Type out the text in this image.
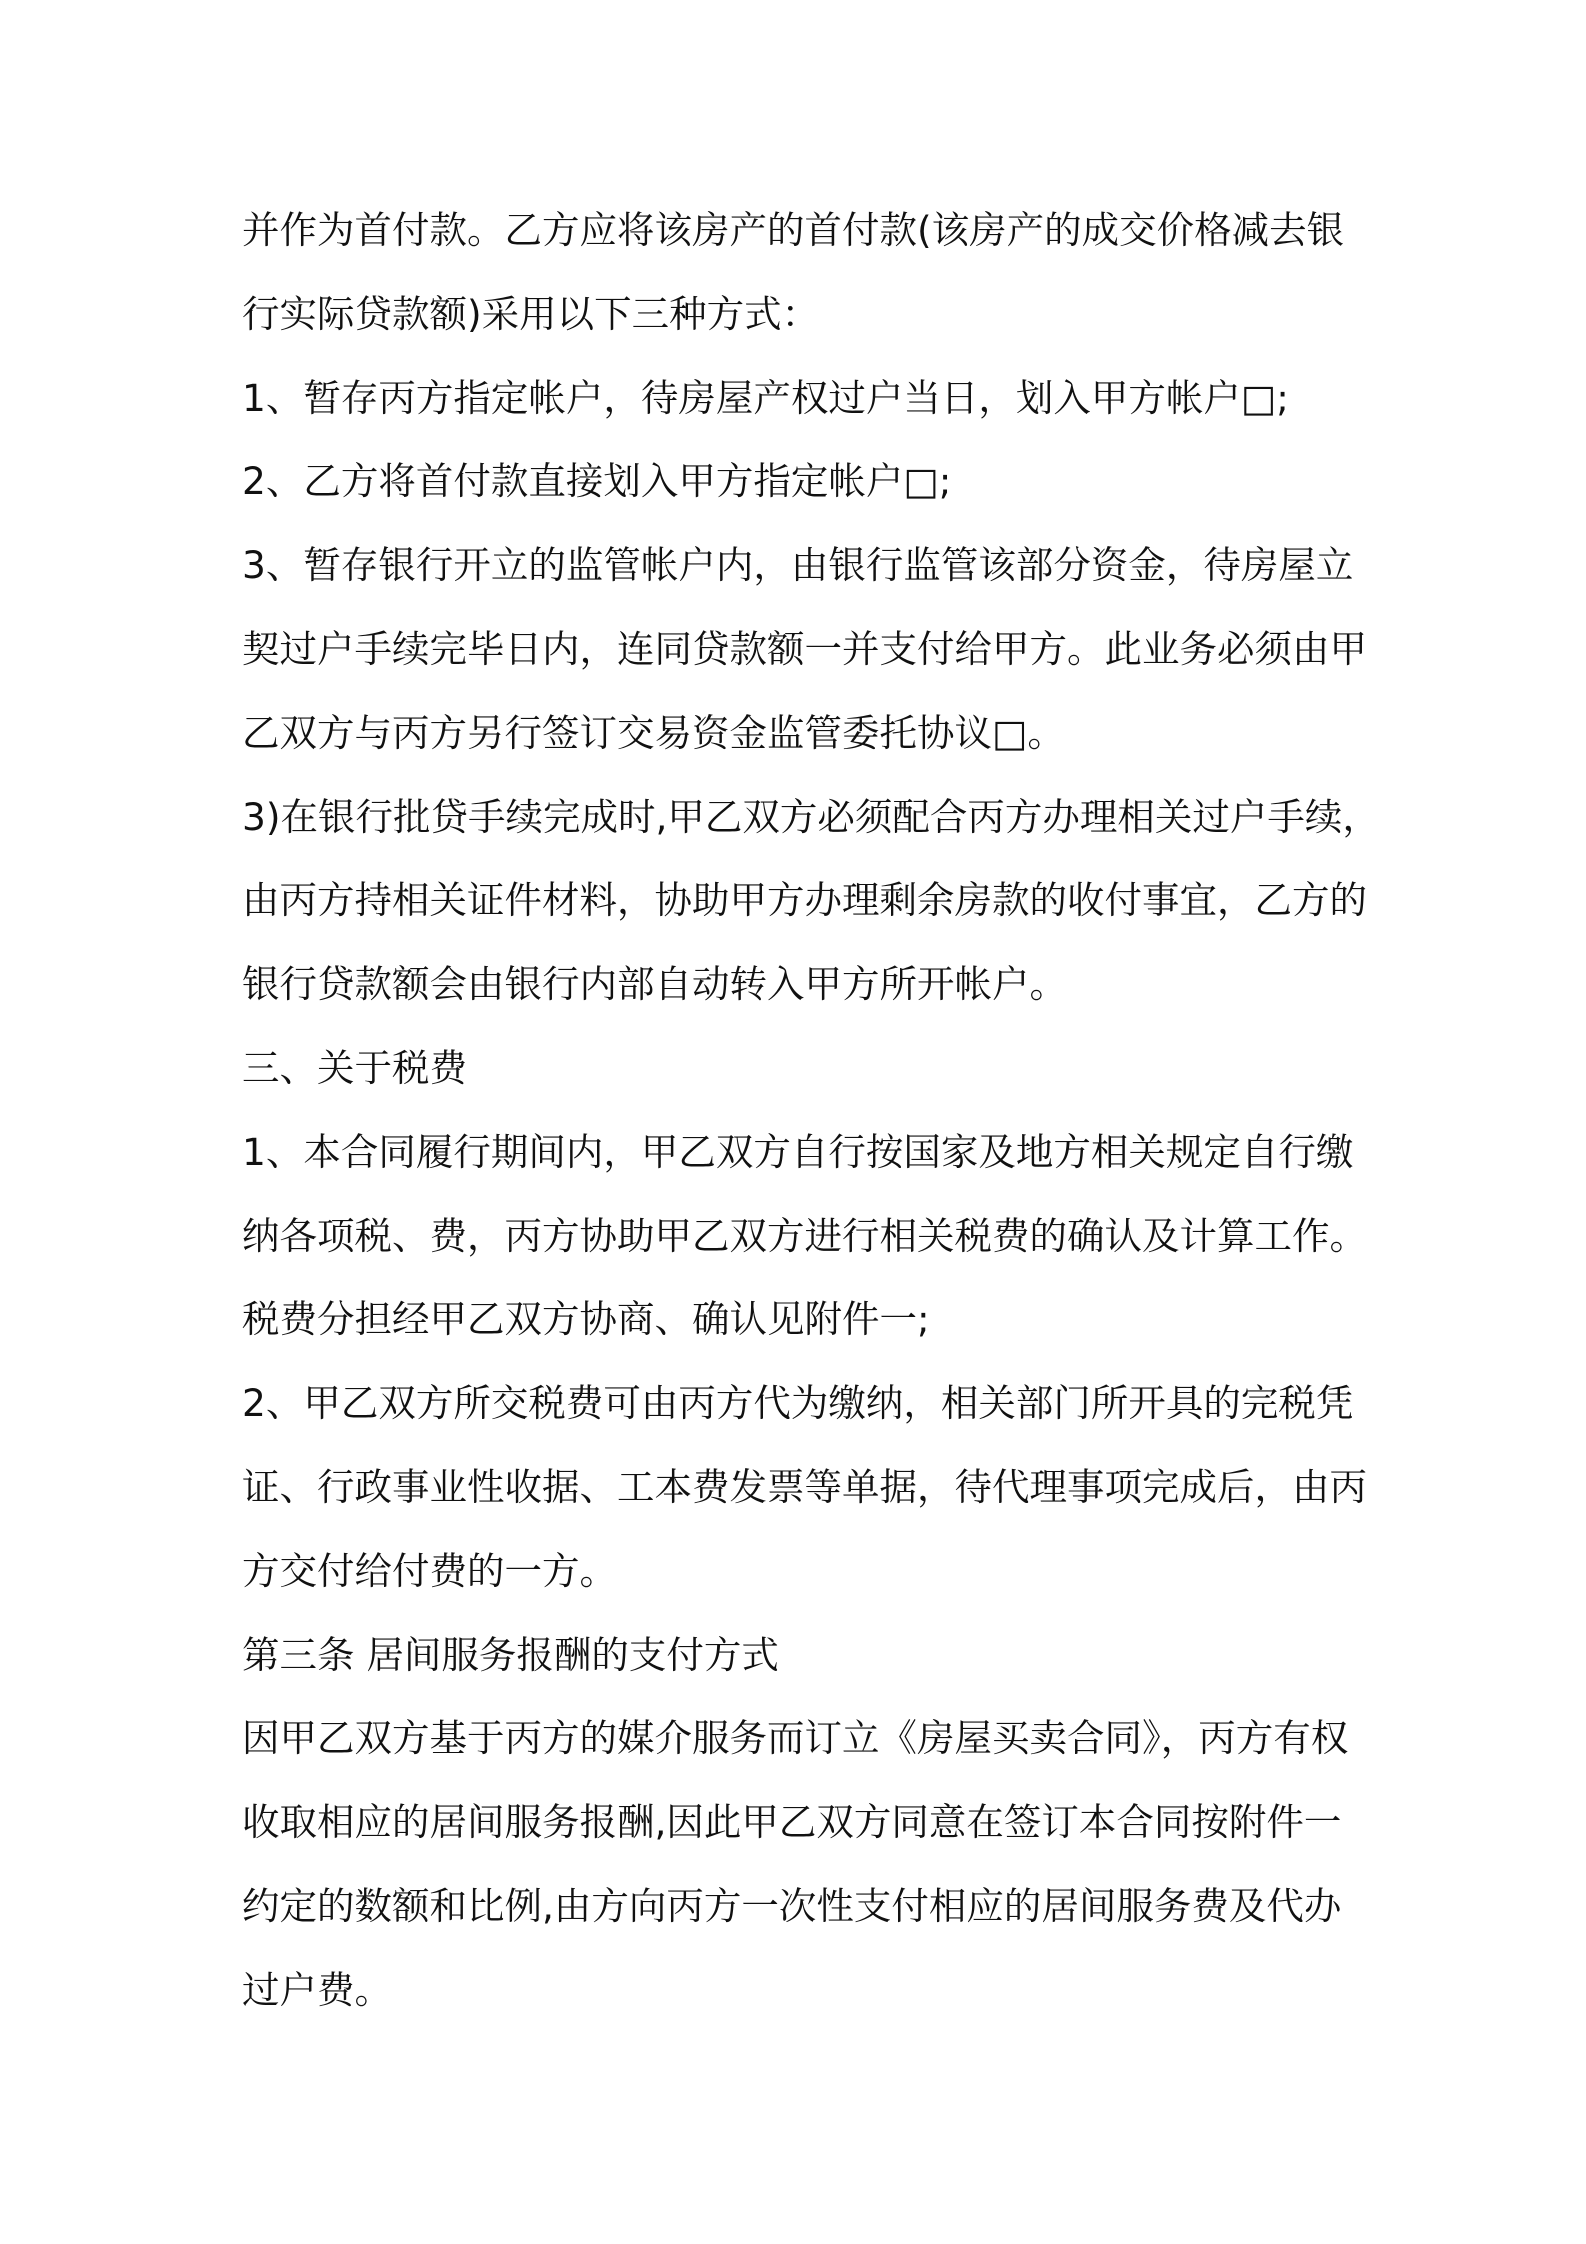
并作为首付款。乙方应将该房产的首付款(该房产的成交价格减去银
行实际贷款额)采用以下三种方式：
1、暂存丙方指定帐户，待房屋产权过户当日，划入甲方帐户□;
2、乙方将首付款直接划入甲方指定帐户□;
3、暂存银行开立的监管帐户内，由银行监管该部分资金，待房屋立
契过户手续完毕日内，连同贷款额一并支付给甲方。此业务必须由甲
乙双方与丙方另行签订交易资金监管委托协议□。
3)在银行批贷手续完成时,甲乙双方必须配合丙方办理相关过户手续，
由丙方持相关证件材料，协助甲方办理剩余房款的收付事宜，乙方的
银行贷款额会由银行内部自动转入甲方所开帐户。
三、关于税费
1、本合同履行期间内，甲乙双方自行按国家及地方相关规定自行缴
纳各项税、费，丙方协助甲乙双方进行相关税费的确认及计算工作。
税费分担经甲乙双方协商、确认见附件一;
2、甲乙双方所交税费可由丙方代为缴纳，相关部门所开具的完税凭
证、行政事业性收据、工本费发票等单据，待代理事项完成后，由丙
方交付给付费的一方。
第三条 居间服务报酬的支付方式
因甲乙双方基于丙方的媒介服务而订立《房屋买卖合同》，丙方有权
收取相应的居间服务报酬,因此甲乙双方同意在签订本合同按附件一
约定的数额和比例,由方向丙方一次性支付相应的居间服务费及代办
过户费。
